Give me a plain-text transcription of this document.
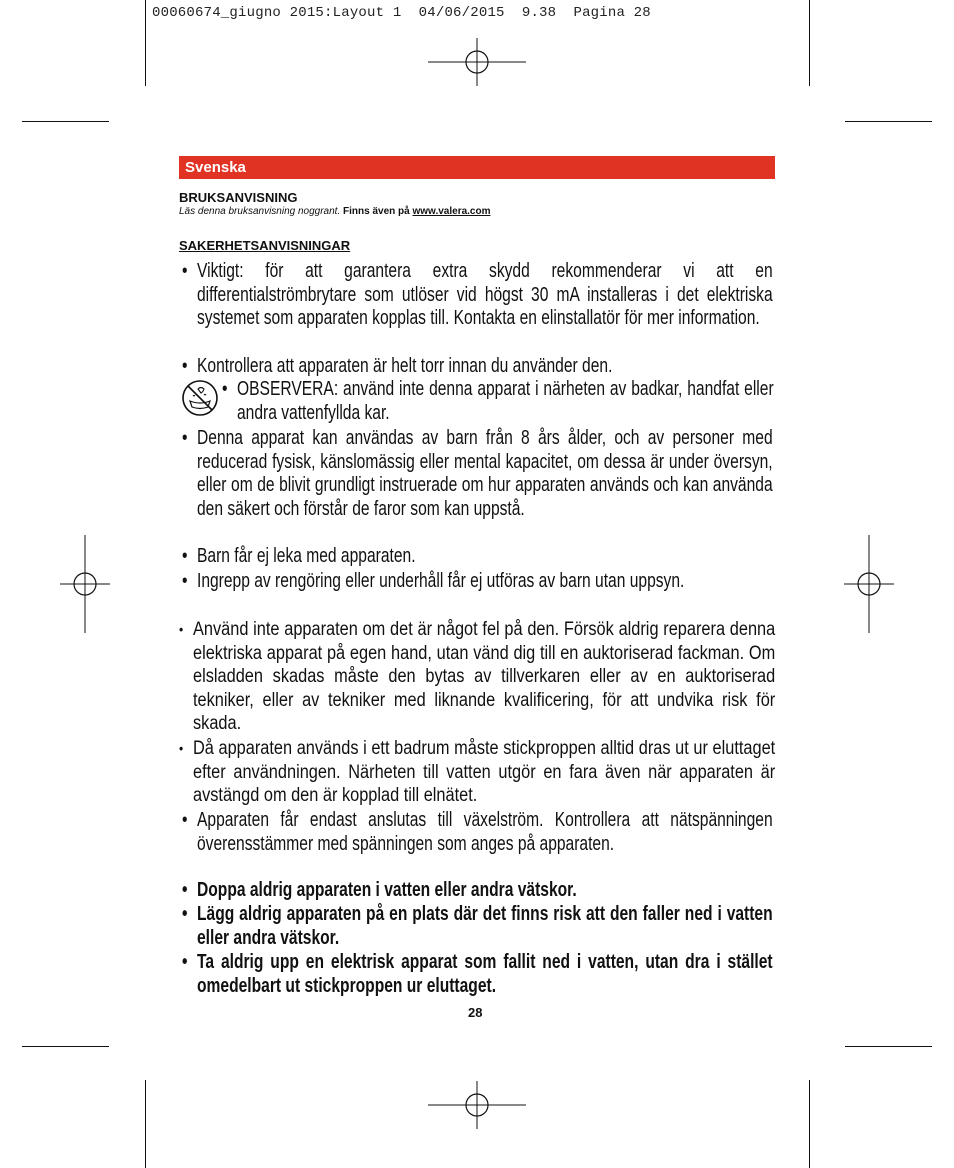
00060674_giugno 2015:Layout 1  04/06/2015  9.38  Pagina 28
Svenska
BRUKSANVISNING
Läs denna bruksanvisning noggrant. Finns även på www.valera.com
SAKERHETSANVISNINGAR
• Viktigt: för att garantera extra skydd rekommenderar vi att en differentialströmbrytare som utlöser vid högst 30 mA installeras i det elektriska systemet som apparaten kopplas till. Kontakta en elinstallatör för mer information.
• Kontrollera att apparaten är helt torr innan du använder den.
• OBSERVERA: använd inte denna apparat i närheten av badkar, handfat eller andra vattenfyllda kar.
• Denna apparat kan användas av barn från 8 års ålder, och av personer med reducerad fysisk, känslomässig eller mental kapacitet, om dessa är under översyn, eller om de blivit grundligt instruerade om hur apparaten används och kan använda den säkert och förstår de faror som kan uppstå.
• Barn får ej leka med apparaten.
• Ingrepp av rengöring eller underhåll får ej utföras av barn utan uppsyn.
• Använd inte apparaten om det är något fel på den. Försök aldrig reparera denna elektriska apparat på egen hand, utan vänd dig till en auktoriserad fackman. Om elsladden skadas måste den bytas av tillverkaren eller av en auktoriserad tekniker, eller av tekniker med liknande kvalificering, för att undvika risk för skada.
• Då apparaten används i ett badrum måste stickproppen alltid dras ut ur eluttaget efter användningen. Närheten till vatten utgör en fara även när apparaten är avstängd om den är kopplad till elnätet.
• Apparaten får endast anslutas till växelström. Kontrollera att nätspänningen överensstämmer med spänningen som anges på apparaten.
• Doppa aldrig apparaten i vatten eller andra vätskor.
• Lägg aldrig apparaten på en plats där det finns risk att den faller ned i vatten eller andra vätskor.
• Ta aldrig upp en elektrisk apparat som fallit ned i vatten, utan dra i stället omedelbart ut stickproppen ur eluttaget.
28
